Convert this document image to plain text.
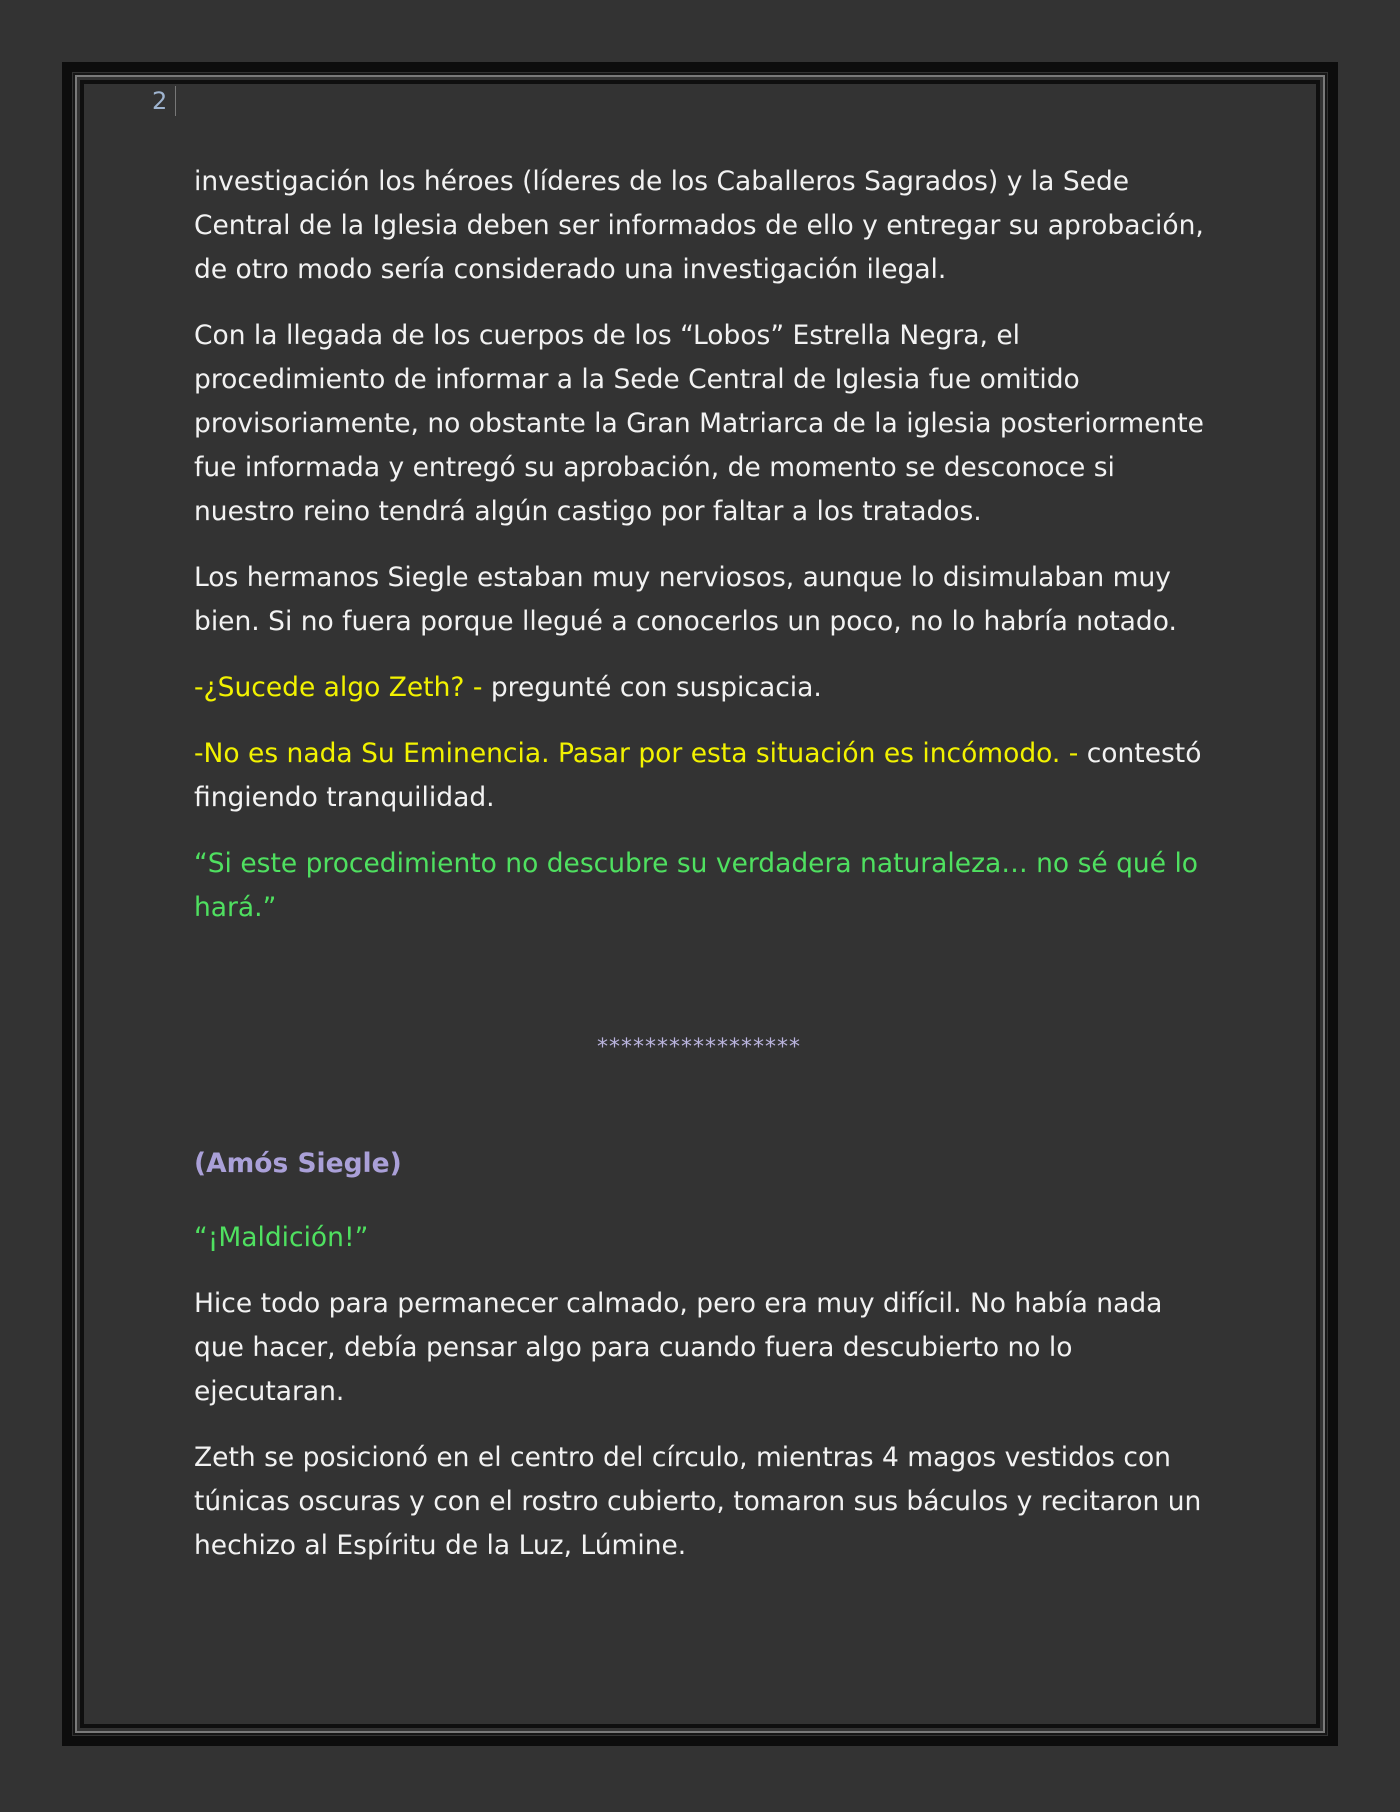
2

investigación los héroes (líderes de los Caballeros Sagrados) y la Sede Central de la Iglesia deben ser informados de ello y entregar su aprobación, de otro modo sería considerado una investigación ilegal.

Con la llegada de los cuerpos de los “Lobos” Estrella Negra, el procedimiento de informar a la Sede Central de Iglesia fue omitido provisoriamente, no obstante la Gran Matriarca de la iglesia posteriormente fue informada y entregó su aprobación, de momento se desconoce si nuestro reino tendrá algún castigo por faltar a los tratados.

Los hermanos Siegle estaban muy nerviosos, aunque lo disimulaban muy bien. Si no fuera porque llegué a conocerlos un poco, no lo habría notado.

-¿Sucede algo Zeth? - pregunté con suspicacia.

-No es nada Su Eminencia. Pasar por esta situación es incómodo. - contestó fingiendo tranquilidad.

“Si este procedimiento no descubre su verdadera naturaleza… no sé qué lo hará.”

*****************

(Amós Siegle)

“¡Maldición!”

Hice todo para permanecer calmado, pero era muy difícil. No había nada que hacer, debía pensar algo para cuando fuera descubierto no lo ejecutaran.

Zeth se posicionó en el centro del círculo, mientras 4 magos vestidos con túnicas oscuras y con el rostro cubierto, tomaron sus báculos y recitaron un hechizo al Espíritu de la Luz, Lúmine.
